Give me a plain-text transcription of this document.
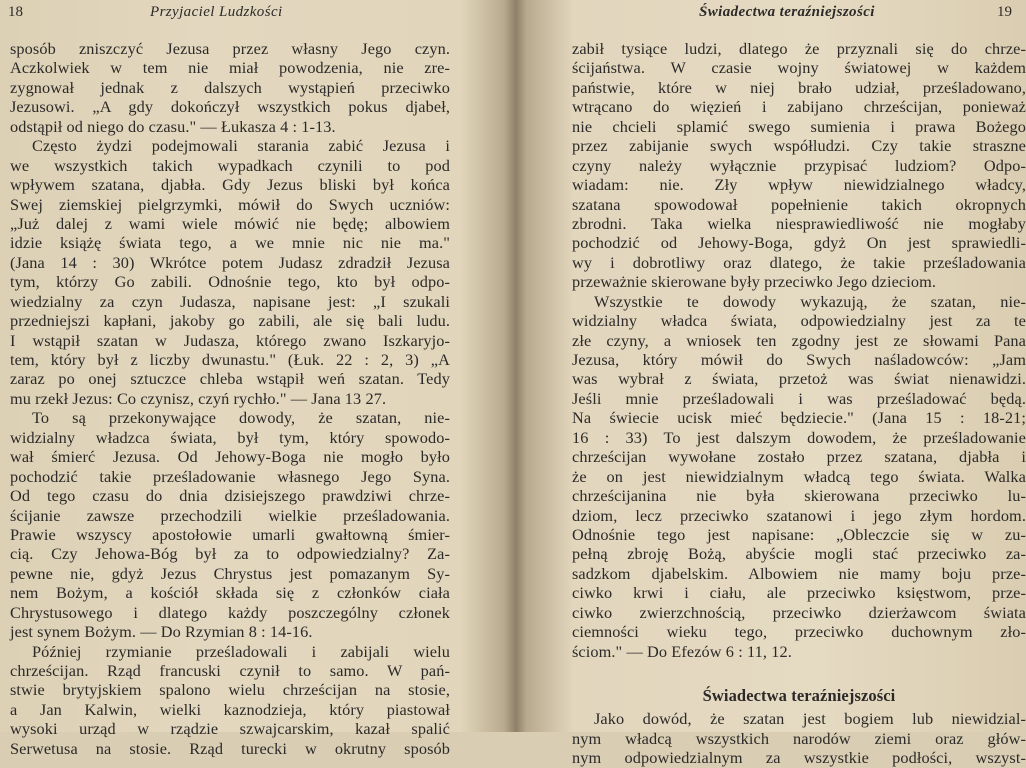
18	Przyjaciel Ludzkości
sposób zniszczyć Jezusa przez własny Jego czyn.
Aczkolwiek w tem nie miał powodzenia, nie zre-
zygnował jednak z dalszych wystąpień przeciwko
Jezusowi. „A gdy dokończył wszystkich pokus djabeł,
odstąpił od niego do czasu." — Łukasza 4 : 1-13.
Często żydzi podejmowali starania zabić Jezusa i
we wszystkich takich wypadkach czynili to pod
wpływem szatana, djabła. Gdy Jezus bliski był końca
Swej ziemskiej pielgrzymki, mówił do Swych uczniów:
„Już dalej z wami wiele mówić nie będę; albowiem
idzie książę świata tego, a we mnie nic nie ma."
(Jana 14 : 30) Wkrótce potem Judasz zdradził Jezusa
tym, którzy Go zabili. Odnośnie tego, kto był odpo-
wiedzialny za czyn Judasza, napisane jest: „I szukali
przedniejszi kapłani, jakoby go zabili, ale się bali ludu.
I wstąpił szatan w Judasza, którego zwano Iszkaryjo-
tem, który był z liczby dwunastu." (Łuk. 22 : 2, 3) „A
zaraz po onej sztuczce chleba wstąpił weń szatan. Tedy
mu rzekł Jezus: Co czynisz, czyń rychło." — Jana 13 27.
To są przekonywające dowody, że szatan, nie-
widzialny władzca świata, był tym, który spowodo-
wał śmierć Jezusa. Od Jehowy-Boga nie mogło było
pochodzić takie prześladowanie własnego Jego Syna.
Od tego czasu do dnia dzisiejszego prawdziwi chrze-
ścijanie zawsze przechodzili wielkie prześladowania.
Prawie wszyscy apostołowie umarli gwałtowną śmier-
cią. Czy Jehowa-Bóg był za to odpowiedzialny? Za-
pewne nie, gdyż Jezus Chrystus jest pomazanym Sy-
nem Bożym, a kościół składa się z członków ciała
Chrystusowego i dlatego każdy poszczególny członek
jest synem Bożym. — Do Rzymian 8 : 14-16.
Później rzymianie prześladowali i zabijali wielu
chrześcijan. Rząd francuski czynił to samo. W pań-
stwie brytyjskiem spalono wielu chrześcijan na stosie,
a Jan Kalwin, wielki kaznodzieja, który piastował
wysoki urząd w rządzie szwajcarskim, kazał spalić
Serwetusa na stosie. Rząd turecki w okrutny sposób
Świadectwa teraźniejszości	19
zabił tysiące ludzi, dlatego że przyznali się do chrze-
ścijaństwa. W czasie wojny światowej w każdem
państwie, które w niej brało udział, prześladowano,
wtrącano do więzień i zabijano chrześcijan, ponieważ
nie chcieli splamić swego sumienia i prawa Bożego
przez zabijanie swych współludzi. Czy takie straszne
czyny należy wyłącznie przypisać ludziom? Odpo-
wiadam: nie. Zły wpływ niewidzialnego władcy,
szatana spowodował popełnienie takich okropnych
zbrodni. Taka wielka niesprawiedliwość nie mogłaby
pochodzić od Jehowy-Boga, gdyż On jest sprawiedli-
wy i dobrotliwy oraz dlatego, że takie prześladowania
przeważnie skierowane były przeciwko Jego dzieciom.
Wszystkie te dowody wykazują, że szatan, nie-
widzialny władca świata, odpowiedzialny jest za te
złe czyny, a wniosek ten zgodny jest ze słowami Pana
Jezusa, który mówił do Swych naśladowców: „Jam
was wybrał z świata, przetoż was świat nienawidzi.
Jeśli mnie prześladowali i was prześladować będą.
Na świecie ucisk mieć będziecie." (Jana 15 : 18-21;
16 : 33) To jest dalszym dowodem, że prześladowanie
chrześcijan wywołane zostało przez szatana, djabła i
że on jest niewidzialnym władcą tego świata. Walka
chrześcijanina nie była skierowana przeciwko lu-
dziom, lecz przeciwko szatanowi i jego złym hordom.
Odnośnie tego jest napisane: „Obleczcie się w zu-
pełną zbroję Bożą, abyście mogli stać przeciwko za-
sadzkom djabelskim. Albowiem nie mamy boju prze-
ciwko krwi i ciału, ale przeciwko księstwom, prze-
ciwko zwierzchnością, przeciwko dzierżawcom świata
ciemności wieku tego, przeciwko duchownym zło-
ściom." — Do Efezów 6 : 11, 12.
Świadectwa teraźniejszości
Jako dowód, że szatan jest bogiem lub niewidzial-
nym władcą wszystkich narodów ziemi oraz głów-
nym odpowiedzialnym za wszystkie podłości, wszyst-
